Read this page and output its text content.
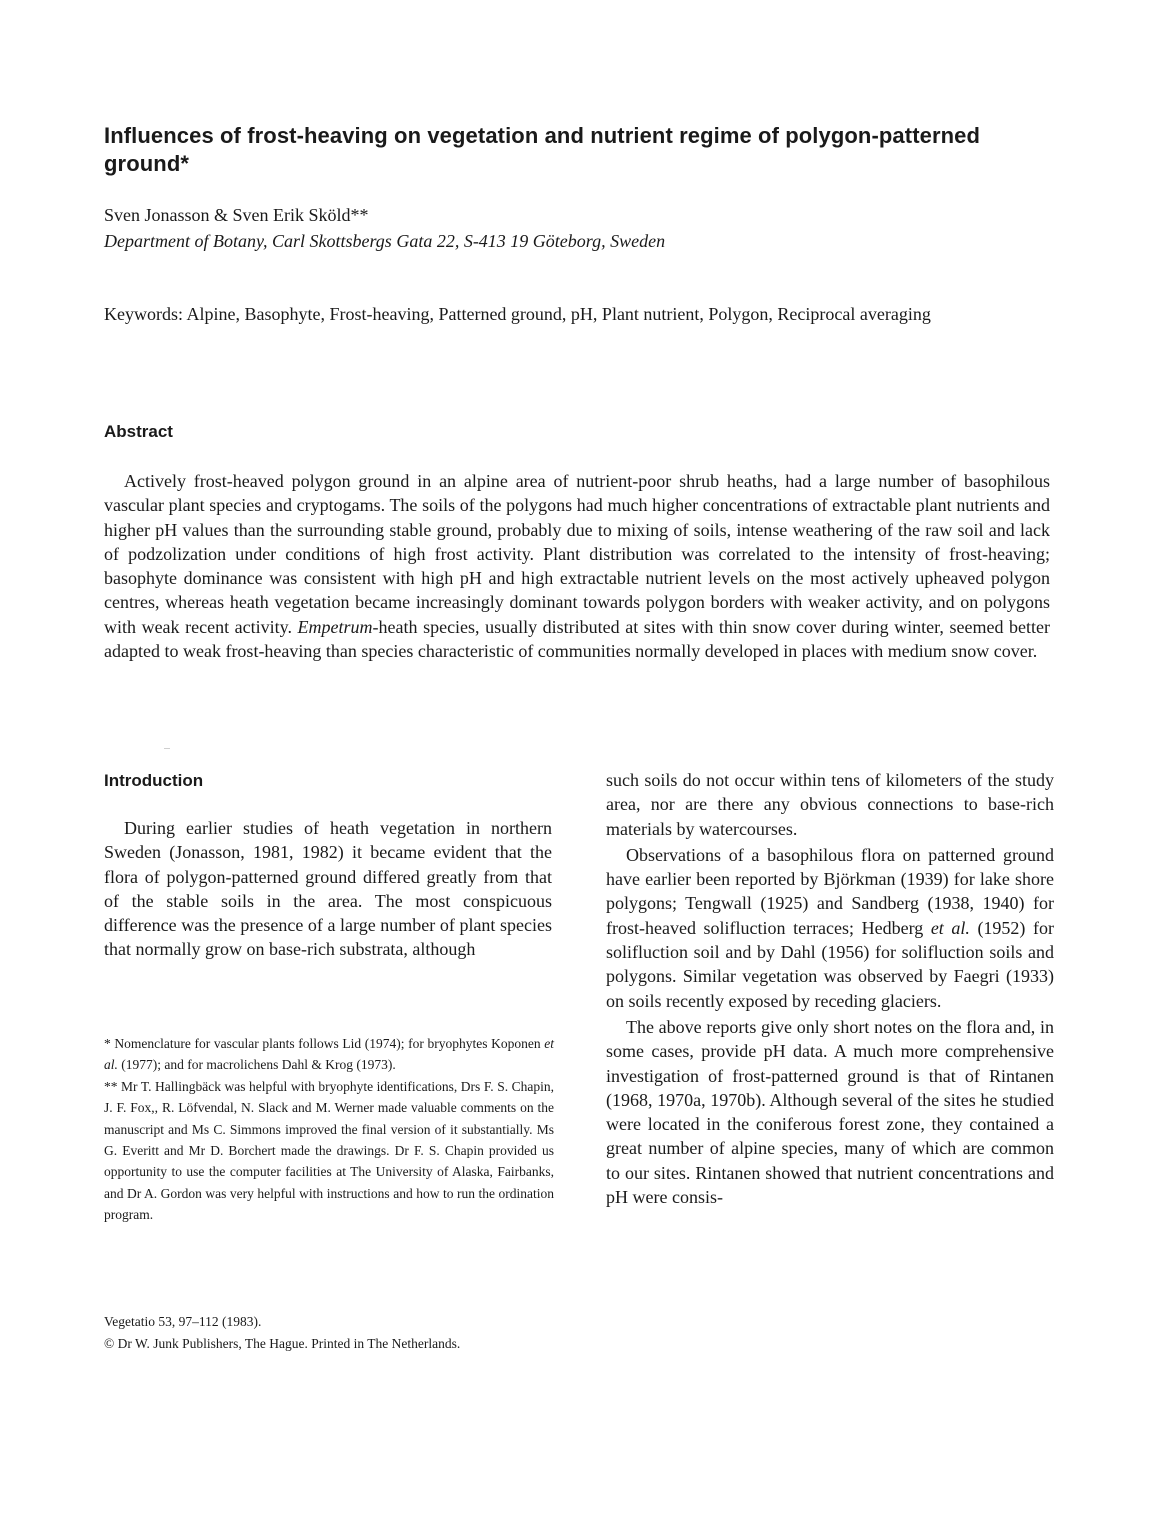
Influences of frost-heaving on vegetation and nutrient regime of polygon-patterned ground*
Sven Jonasson & Sven Erik Sköld**
Department of Botany, Carl Skottsbergs Gata 22, S-413 19 Göteborg, Sweden
Keywords: Alpine, Basophyte, Frost-heaving, Patterned ground, pH, Plant nutrient, Polygon, Reciprocal averaging
Abstract

Actively frost-heaved polygon ground in an alpine area of nutrient-poor shrub heaths, had a large number of basophilous vascular plant species and cryptogams. The soils of the polygons had much higher concentrations of extractable plant nutrients and higher pH values than the surrounding stable ground, probably due to mixing of soils, intense weathering of the raw soil and lack of podzolization under conditions of high frost activity. Plant distribution was correlated to the intensity of frost-heaving; basophyte dominance was consistent with high pH and high extractable nutrient levels on the most actively upheaved polygon centres, whereas heath vegetation became increasingly dominant towards polygon borders with weaker activity, and on polygons with weak recent activity. Empetrum-heath species, usually distributed at sites with thin snow cover during winter, seemed better adapted to weak frost-heaving than species characteristic of communities normally developed in places with medium snow cover.

Introduction

During earlier studies of heath vegetation in northern Sweden (Jonasson, 1981, 1982) it became evident that the flora of polygon-patterned ground differed greatly from that of the stable soils in the area. The most conspicuous difference was the presence of a large number of plant species that normally grow on base-rich substrata, although

* Nomenclature for vascular plants follows Lid (1974); for bryophytes Koponen et al. (1977); and for macrolichens Dahl & Krog (1973).

** Mr T. Hallingbäck was helpful with bryophyte identifications, Drs F. S. Chapin, J. F. Fox,, R. Löfvendal, N. Slack and M. Werner made valuable comments on the manuscript and Ms C. Simmons improved the final version of it substantially. Ms G. Everitt and Mr D. Borchert made the drawings. Dr F. S. Chapin provided us opportunity to use the computer facilities at The University of Alaska, Fairbanks, and Dr A. Gordon was very helpful with instructions and how to run the ordination program.

such soils do not occur within tens of kilometers of the study area, nor are there any obvious connections to base-rich materials by watercourses.

Observations of a basophilous flora on patterned ground have earlier been reported by Björkman (1939) for lake shore polygons; Tengwall (1925) and Sandberg (1938, 1940) for frost-heaved solifluction terraces; Hedberg et al. (1952) for solifluction soil and by Dahl (1956) for solifluction soils and polygons. Similar vegetation was observed by Faegri (1933) on soils recently exposed by receding glaciers.

The above reports give only short notes on the flora and, in some cases, provide pH data. A much more comprehensive investigation of frost-patterned ground is that of Rintanen (1968, 1970a, 1970b). Although several of the sites he studied were located in the coniferous forest zone, they contained a great number of alpine species, many of which are common to our sites. Rintanen showed that nutrient concentrations and pH were consis-

Vegetatio 53, 97–112 (1983).
© Dr W. Junk Publishers, The Hague. Printed in The Netherlands.
